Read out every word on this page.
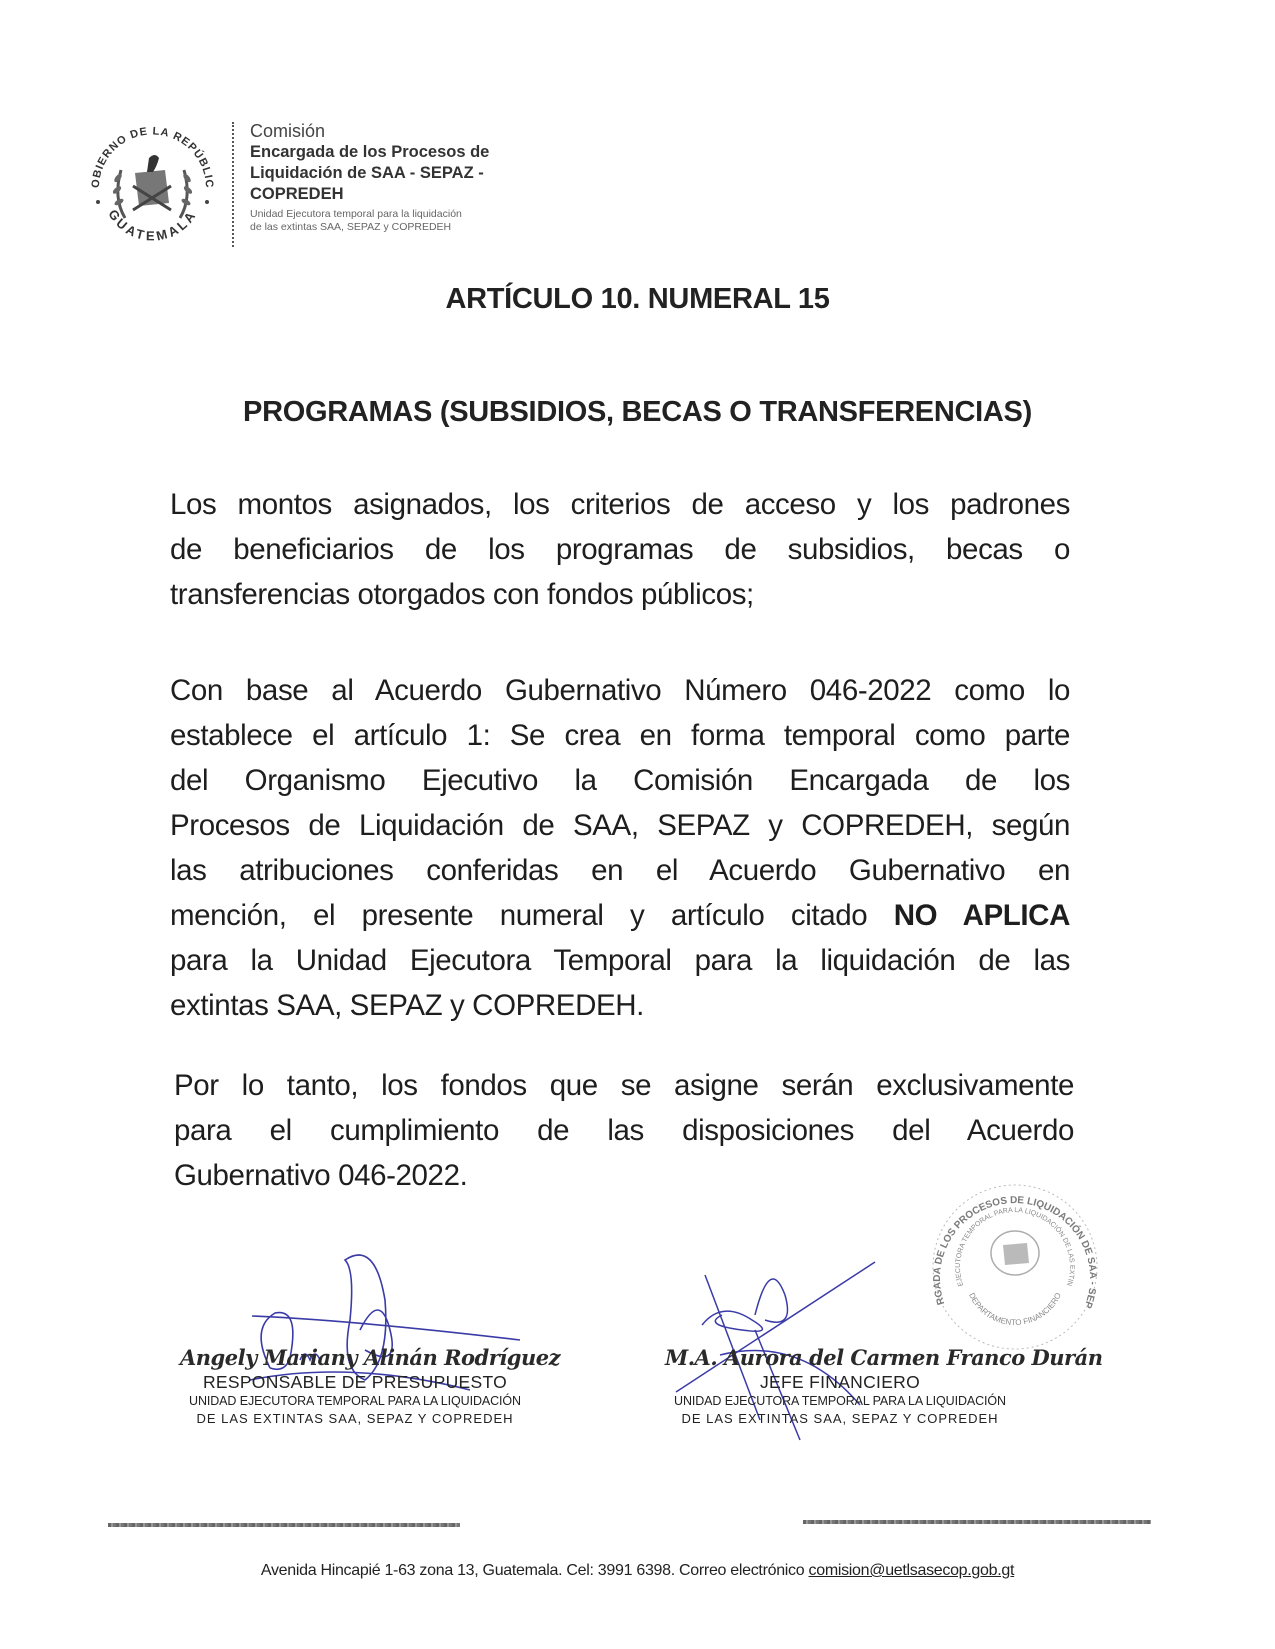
OBIERNO DE LA REPÚBLIC
GUATEMALA
Comisión
Encargada de los Procesos de
Liquidación de SAA - SEPAZ -
COPREDEH
Unidad Ejecutora temporal para la liquidación
de las extintas SAA, SEPAZ y COPREDEH
ARTÍCULO 10. NUMERAL 15
PROGRAMAS (SUBSIDIOS, BECAS O TRANSFERENCIAS)
Los montos asignados, los criterios de acceso y los padrones
de beneficiarios de los programas de subsidios, becas o
transferencias otorgados con fondos públicos;
Con base al Acuerdo Gubernativo Número 046-2022 como lo
establece el artículo 1: Se crea en forma temporal como parte
del Organismo Ejecutivo la Comisión Encargada de los
Procesos de Liquidación de SAA, SEPAZ y COPREDEH, según
las atribuciones conferidas en el Acuerdo Gubernativo en
mención, el presente numeral y artículo citado NO APLICA
para la Unidad Ejecutora Temporal para la liquidación de las
extintas SAA, SEPAZ y COPREDEH.
Por lo tanto, los fondos que se asigne serán exclusivamente
para el cumplimiento de las disposiciones del Acuerdo
Gubernativo 046-2022.
RGADA DE LOS PROCESOS DE LIQUIDACIÓN DE SAA - SEP
EJECUTORA TEMPORAL PARA LA LIQUIDACIÓN DE LAS EXTIN
DEPARTAMENTO FINANCIERO
Angely Mariany Alinán Rodríguez
RESPONSABLE DE PRESUPUESTO
UNIDAD EJECUTORA TEMPORAL PARA LA LIQUIDACIÓN
DE LAS EXTINTAS SAA, SEPAZ Y COPREDEH
M.A. Aurora del Carmen Franco Durán
JEFE FINANCIERO
UNIDAD EJECUTORA TEMPORAL PARA LA LIQUIDACIÓN
DE LAS EXTINTAS SAA, SEPAZ Y COPREDEH
Avenida Hincapié 1-63 zona 13, Guatemala. Cel: 3991 6398. Correo electrónico comision@uetlsasecop.gob.gt
